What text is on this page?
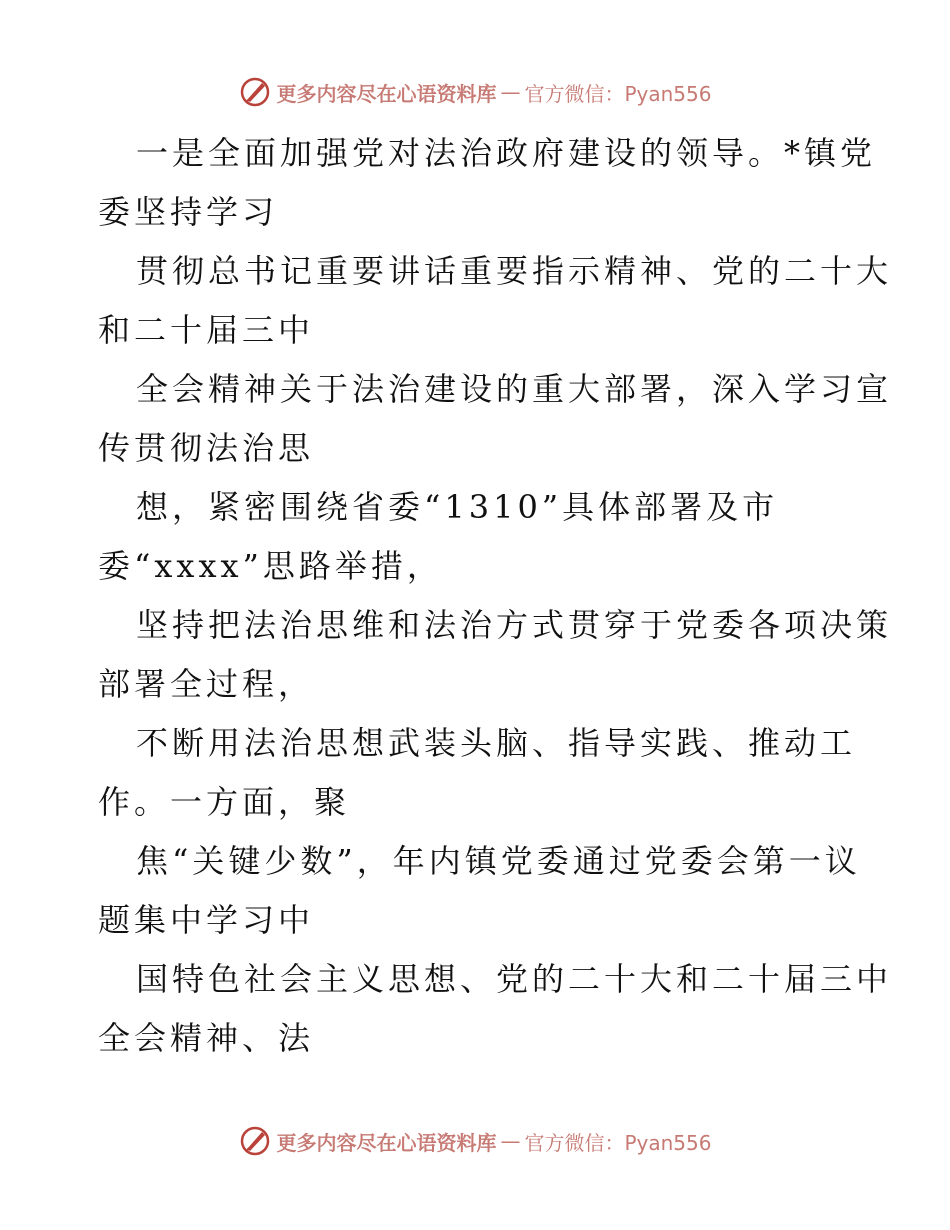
更多内容尽在心语资料库 — 官方微信：Pyan556
一是全面加强党对法治政府建设的领导。*镇党
委坚持学习
贯彻总书记重要讲话重要指示精神、党的二十大
和二十届三中
全会精神关于法治建设的重大部署，深入学习宣
传贯彻法治思
想，紧密围绕省委“1310”具体部署及市
委“xxxx”思路举措，
坚持把法治思维和法治方式贯穿于党委各项决策
部署全过程，
不断用法治思想武装头脑、指导实践、推动工
作。一方面，聚
焦“关键少数”，年内镇党委通过党委会第一议
题集中学习中
国特色社会主义思想、党的二十大和二十届三中
全会精神、法
更多内容尽在心语资料库 — 官方微信：Pyan556
